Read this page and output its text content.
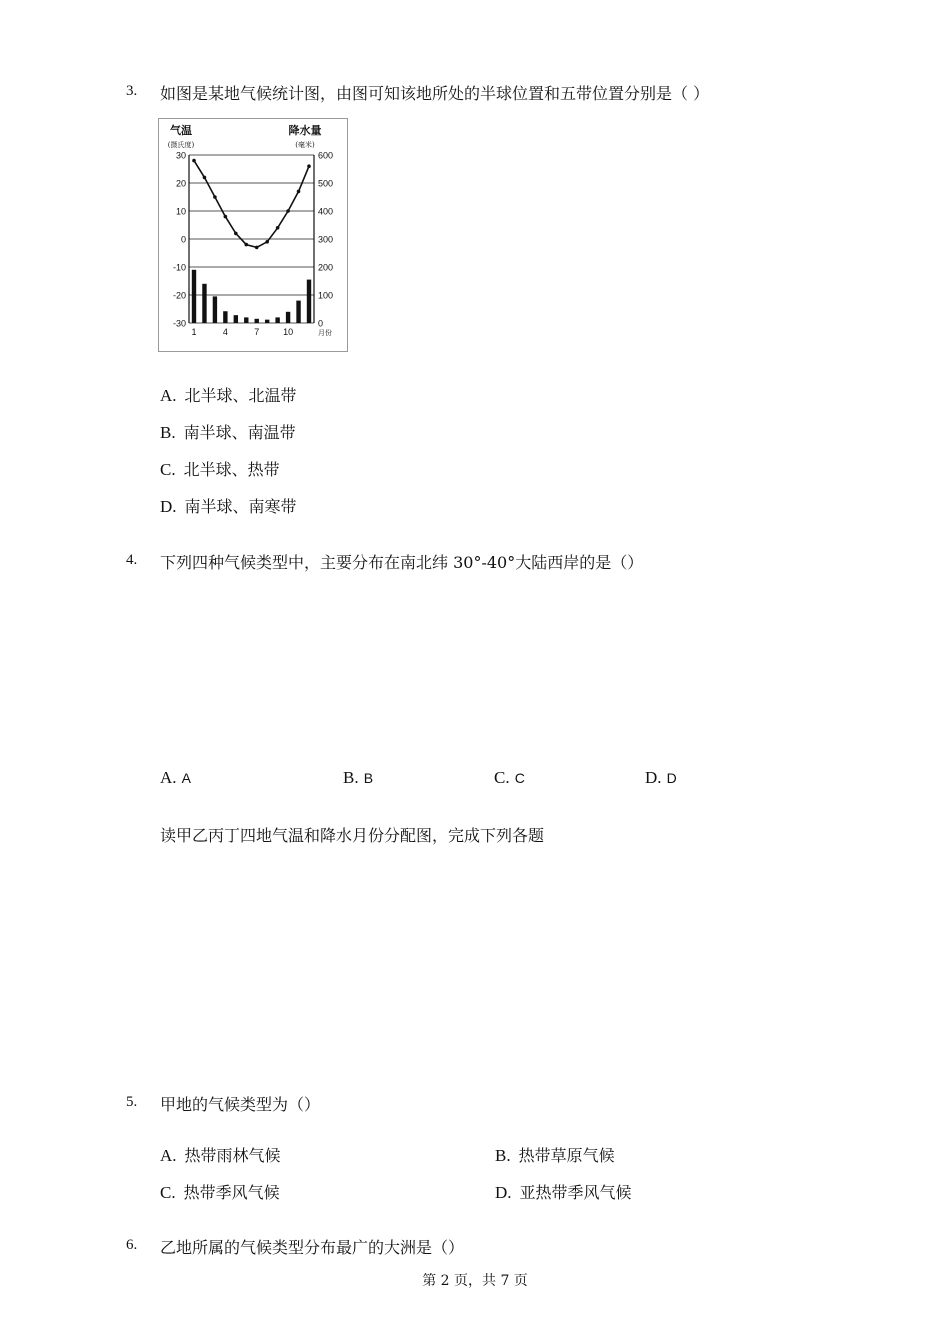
3. 如图是某地气候统计图，由图可知该地所处的半球位置和五带位置分别是（ ）
30
20
10
0
-10
-20
-30
600
500
400
300
200
100
0
气温
(摄氏度)
降水量
(毫米)
1	4	7	10	月份
A. 北半球、北温带
B. 南半球、南温带
C. 北半球、热带
D. 南半球、南寒带
4. 下列四种气候类型中，主要分布在南北纬 30°-40°大陆西岸的是（）
A. A	B. B	C. C	D. D
读甲乙丙丁四地气温和降水月份分配图，完成下列各题
5. 甲地的气候类型为（）
A. 热带雨林气候	B. 热带草原气候
C. 热带季风气候	D. 亚热带季风气候
6. 乙地所属的气候类型分布最广的大洲是（）
第 2 页，共 7 页
